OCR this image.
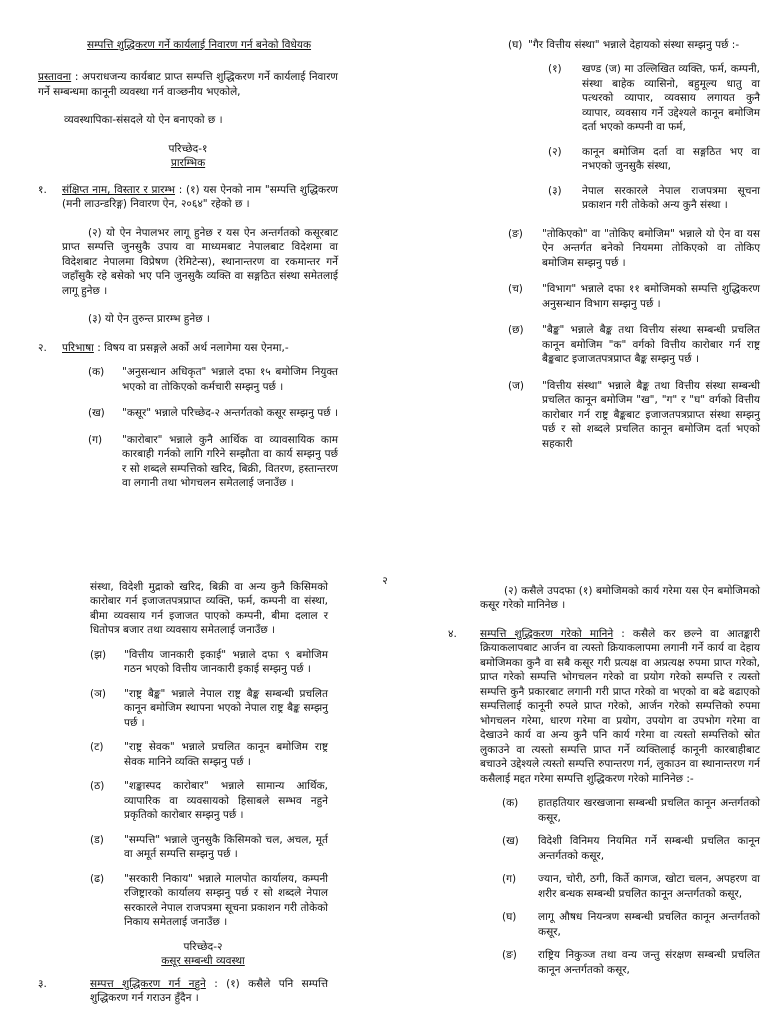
सम्पत्ति शुद्धिकरण गर्ने कार्यलाई निवारण गर्न बनेको विधेयक

प्रस्तावना : अपराधजन्य कार्यबाट प्राप्त सम्पत्ति शुद्धिकरण गर्ने कार्यलाई निवारण गर्ने सम्बन्धमा कानूनी व्यवस्था गर्न वाञ्छनीय भएकोले,

व्यवस्थापिका-संसदले यो ऐन बनाएको छ ।

परिच्छेद-१

प्रारम्भिक

१. संक्षिप्त नाम, विस्तार र प्रारम्भ : (१) यस ऐनको नाम "सम्पत्ति शुद्धिकरण (मनी लाउन्डरिङ्ग) निवारण ऐन, २०६४" रहेको छ ।

(२) यो ऐन नेपालभर लागू हुनेछ र यस ऐन अन्तर्गतको कसूरबाट प्राप्त सम्पत्ति जुनसुकै उपाय वा माध्यमबाट नेपालबाट विदेशमा वा विदेशबाट नेपालमा विप्रेषण (रेमिटेन्स), स्थानान्तरण वा रकमान्तर गर्ने जहाँसुकै रहे बसेको भए पनि जुनसुकै व्यक्ति वा सङ्गठित संस्था समेतलाई लागू हुनेछ ।

(३) यो ऐन तुरुन्त प्रारम्भ हुनेछ ।

२. परिभाषा : विषय वा प्रसङ्गले अर्को अर्थ नलागेमा यस ऐनमा,-

(क)	"अनुसन्धान अधिकृत" भन्नाले दफा १५ बमोजिम नियुक्त भएको वा तोकिएको कर्मचारी सम्झनु पर्छ ।
(ख)	"कसूर" भन्नाले परिच्छेद-२ अन्तर्गतको कसूर सम्झनु पर्छ ।
(ग)	"कारोबार" भन्नाले कुनै आर्थिक वा व्यावसायिक काम कारबाही गर्नको लागि गरिने सम्झौता वा कार्य सम्झनु पर्छ र सो शब्दले सम्पत्तिको खरिद, बिक्री, वितरण, हस्तान्तरण वा लगानी तथा भोगचलन समेतलाई जनाउँछ ।
(घ) "गैर वित्तीय संस्था" भन्नाले देहायको संस्था सम्झनु पर्छ :-
(१)	खण्ड (ज) मा उल्लिखित व्यक्ति, फर्म, कम्पनी, संस्था बाहेक व्यासिनो, बहुमूल्य धातु वा पत्थरको व्यापार, व्यवसाय लगायत कुनै व्यापार, व्यवसाय गर्ने उद्देश्यले कानून बमोजिम दर्ता भएको कम्पनी वा फर्म,
(२)	कानून बमोजिम दर्ता वा सङ्गठित भए वा नभएको जुनसुकै संस्था,
(३)	नेपाल सरकारले नेपाल राजपत्रमा सूचना प्रकाशन गरी तोकेको अन्य कुनै संस्था ।
(ङ)	"तोकिएको" वा "तोकिए बमोजिम" भन्नाले यो ऐन वा यस ऐन अन्तर्गत बनेको नियममा तोकिएको वा तोकिए बमोजिम सम्झनु पर्छ ।
(च)	"विभाग" भन्नाले दफा ११ बमोजिमको सम्पत्ति शुद्धिकरण अनुसन्धान विभाग सम्झनु पर्छ ।
(छ)	"बैङ्क" भन्नाले बैङ्क तथा वित्तीय संस्था सम्बन्धी प्रचलित कानून बमोजिम "क" वर्गको वित्तीय कारोबार गर्न राष्ट्र बैङ्कबाट इजाजतपत्रप्राप्त बैङ्क सम्झनु पर्छ ।
(ज)	"वित्तीय संस्था" भन्नाले बैङ्क तथा वित्तीय संस्था सम्बन्धी प्रचलित कानून बमोजिम "ख", "ग" र "घ" वर्गको वित्तीय कारोबार गर्न राष्ट्र बैङ्कबाट इजाजतपत्रप्राप्त संस्था सम्झनु पर्छ र सो शब्दले प्रचलित कानून बमोजिम दर्ता भएको सहकारी
२

संस्था, विदेशी मुद्राको खरिद, बिक्री वा अन्य कुनै किसिमको कारोबार गर्न इजाजतपत्रप्राप्त व्यक्ति, फर्म, कम्पनी वा संस्था, बीमा व्यवसाय गर्न इजाजत पाएको कम्पनी, बीमा दलाल र धितोपत्र बजार तथा व्यवसाय समेतलाई जनाउँछ ।

(झ)	"वित्तीय जानकारी इकाई" भन्नाले दफा ९ बमोजिम गठन भएको वित्तीय जानकारी इकाई सम्झनु पर्छ ।
(ञ)	"राष्ट्र बैङ्क" भन्नाले नेपाल राष्ट्र बैङ्क सम्बन्धी प्रचलित कानून बमोजिम स्थापना भएको नेपाल राष्ट्र बैङ्क सम्झनु पर्छ ।
(ट)	"राष्ट्र सेवक" भन्नाले प्रचलित कानून बमोजिम राष्ट्र सेवक मानिने व्यक्ति सम्झनु पर्छ ।
(ठ)	"शङ्कास्पद कारोबार" भन्नाले सामान्य आर्थिक, व्यापारिक वा व्यवसायको हिसाबले सम्भव नहुने प्रकृतिको कारोबार सम्झनु पर्छ ।
(ड)	"सम्पत्ति" भन्नाले जुनसुकै किसिमको चल, अचल, मूर्त वा अमूर्त सम्पत्ति सम्झनु पर्छ ।
(ढ)	"सरकारी निकाय" भन्नाले मालपोत कार्यालय, कम्पनी रजिष्ट्रारको कार्यालय सम्झनु पर्छ र सो शब्दले नेपाल सरकारले नेपाल राजपत्रमा सूचना प्रकाशन गरी तोकेको निकाय समेतलाई जनाउँछ ।

परिच्छेद-२

कसूर सम्बन्धी व्यवस्था

३.	सम्पत्त शुद्धिकरण गर्न नहुने : (१) कसैले पनि सम्पत्ति शुद्धिकरण गर्न गराउन हुँदैन ।

(२) कसैले उपदफा (१) बमोजिमको कार्य गरेमा यस ऐन बमोजिमको कसूर गरेको मानिनेछ ।

४. सम्पत्ति शुद्धिकरण गरेको मानिने : कसैले कर छल्ने वा आतङ्कारी क्रियाकलापबाट आर्जन वा त्यस्तो क्रियाकलापमा लगानी गर्ने कार्य वा देहाय बमोजिमका कुनै वा सबै कसूर गरी प्रत्यक्ष वा अप्रत्यक्ष रुपमा प्राप्त गरेको, प्राप्त गरेको सम्पत्ति भोगचलन गरेको वा प्रयोग गरेको सम्पत्ति र त्यस्तो सम्पत्ति कुनै प्रकारबाट लगानी गरी प्राप्त गरेको वा भएको वा बढे बढाएको सम्पत्तिलाई कानूनी रुपले प्राप्त गरेको, आर्जन गरेको सम्पत्तिको रुपमा भोगचलन गरेमा, धारण गरेमा वा प्रयोग, उपयोग वा उपभोग गरेमा वा देखाउने कार्य वा अन्य कुनै पनि कार्य गरेमा वा त्यस्तो सम्पत्तिको स्रोत लुकाउने वा त्यस्तो सम्पत्ति प्राप्त गर्ने व्यक्तिलाई कानूनी कारबाहीबाट बचाउने उद्देश्यले त्यस्तो सम्पत्ति रुपान्तरण गर्न, लुकाउन वा स्थानान्तरण गर्न कसैलाई मद्दत गरेमा सम्पत्ति शुद्धिकरण गरेको मानिनेछ :-

(क)	हातहतियार खरखजाना सम्बन्धी प्रचलित कानून अन्तर्गतको कसूर,
(ख)	विदेशी विनिमय नियमित गर्ने सम्बन्धी प्रचलित कानून अन्तर्गतको कसूर,
(ग)	ज्यान, चोरी, ठगी, किर्ते कागज, खोटा चलन, अपहरण वा शरीर बन्धक सम्बन्धी प्रचलित कानून अन्तर्गतको कसूर,
(घ)	लागू औषध नियन्त्रण सम्बन्धी प्रचलित कानून अन्तर्गतको कसूर,
(ङ)	राष्ट्रिय निकुञ्ज तथा वन्य जन्तु संरक्षण सम्बन्धी प्रचलित कानून अन्तर्गतको कसूर,
